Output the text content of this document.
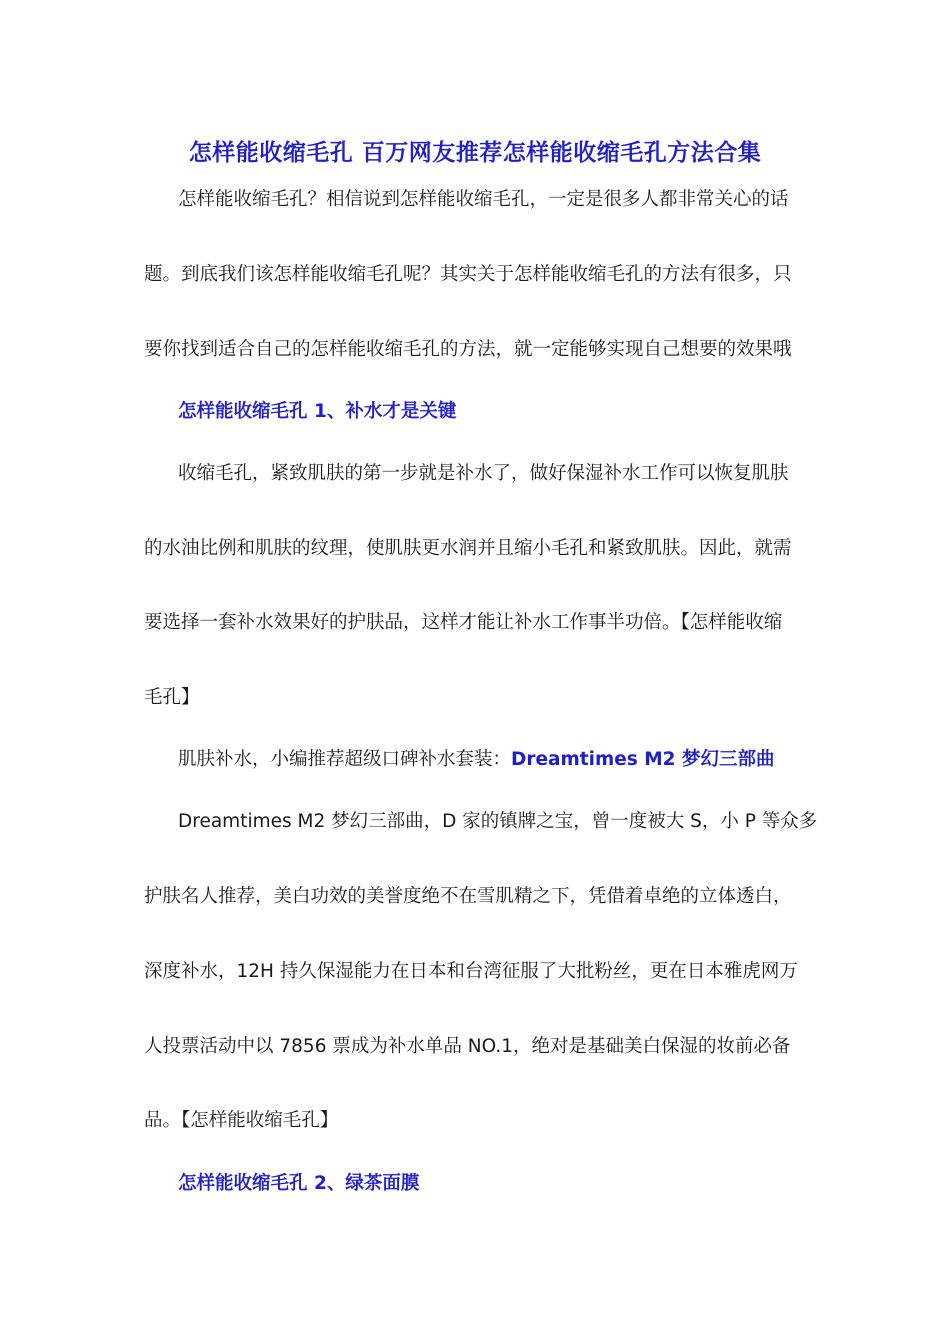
怎样能收缩毛孔 百万网友推荐怎样能收缩毛孔方法合集
怎样能收缩毛孔？相信说到怎样能收缩毛孔，一定是很多人都非常关心的话
题。到底我们该怎样能收缩毛孔呢？其实关于怎样能收缩毛孔的方法有很多，只
要你找到适合自己的怎样能收缩毛孔的方法，就一定能够实现自己想要的效果哦
怎样能收缩毛孔 1、补水才是关键
收缩毛孔，紧致肌肤的第一步就是补水了，做好保湿补水工作可以恢复肌肤
的水油比例和肌肤的纹理，使肌肤更水润并且缩小毛孔和紧致肌肤。因此，就需
要选择一套补水效果好的护肤品，这样才能让补水工作事半功倍。【怎样能收缩
毛孔】
肌肤补水，小编推荐超级口碑补水套装：Dreamtimes M2 梦幻三部曲
Dreamtimes M2 梦幻三部曲，D 家的镇牌之宝，曾一度被大 S，小 P 等众多
护肤名人推荐，美白功效的美誉度绝不在雪肌精之下，凭借着卓绝的立体透白，
深度补水，12H 持久保湿能力在日本和台湾征服了大批粉丝，更在日本雅虎网万
人投票活动中以 7856 票成为补水单品 NO.1，绝对是基础美白保湿的妆前必备
品。【怎样能收缩毛孔】
怎样能收缩毛孔 2、绿茶面膜
